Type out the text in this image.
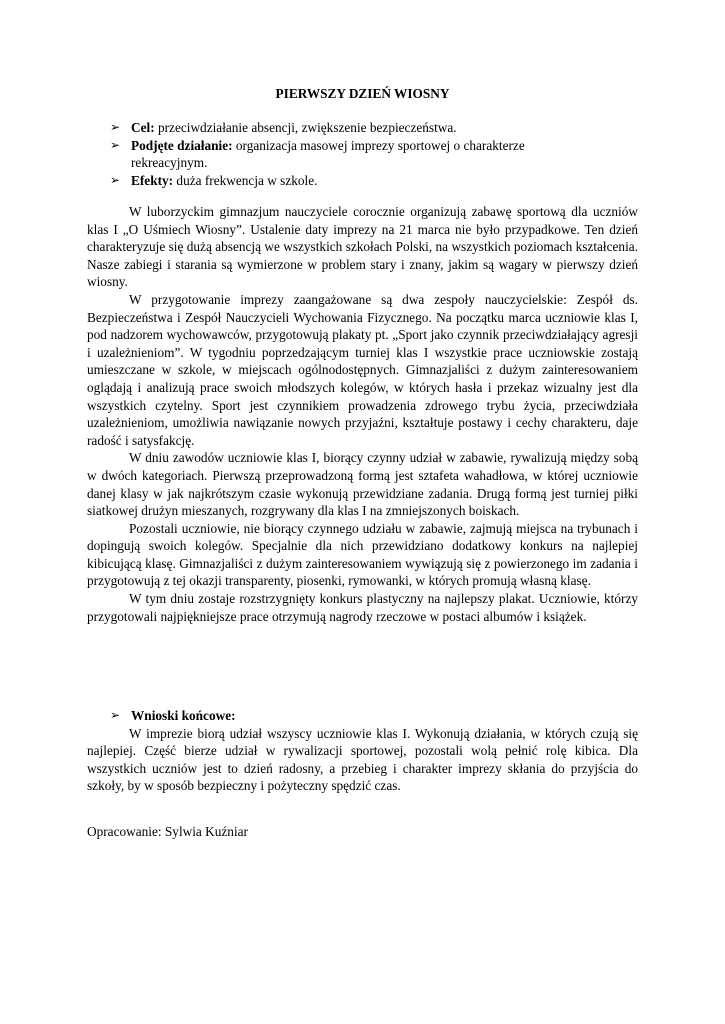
PIERWSZY DZIEŃ WIOSNY
➢ Cel: przeciwdziałanie absencji, zwiększenie bezpieczeństwa.
➢ Podjęte działanie: organizacja masowej imprezy sportowej o charakterze rekreacyjnym.
➢ Efekty: duża frekwencja w szkole.

W luborzyckim gimnazjum nauczyciele corocznie organizują zabawę sportową dla uczniów klas I „O Uśmiech Wiosny”. Ustalenie daty imprezy na 21 marca nie było przypadkowe. Ten dzień charakteryzuje się dużą absencją we wszystkich szkołach Polski, na wszystkich poziomach kształcenia. Nasze zabiegi i starania są wymierzone w problem stary i znany, jakim są wagary w pierwszy dzień wiosny.

W przygotowanie imprezy zaangażowane są dwa zespoły nauczycielskie: Zespół ds. Bezpieczeństwa i Zespół Nauczycieli Wychowania Fizycznego. Na początku marca uczniowie klas I, pod nadzorem wychowawców, przygotowują plakaty pt. „Sport jako czynnik przeciwdziałający agresji i uzależnieniom”. W tygodniu poprzedzającym turniej klas I wszystkie prace uczniowskie zostają umieszczane w szkole, w miejscach ogólnodostępnych. Gimnazjaliści z dużym zainteresowaniem oglądają i analizują prace swoich młodszych kolegów, w których hasła i przekaz wizualny jest dla wszystkich czytelny. Sport jest czynnikiem prowadzenia zdrowego trybu życia, przeciwdziała uzależnieniom, umożliwia nawiązanie nowych przyjaźni, kształtuje postawy i cechy charakteru, daje radość i satysfakcję.

W dniu zawodów uczniowie klas I, biorący czynny udział w zabawie, rywalizują między sobą w dwóch kategoriach. Pierwszą przeprowadzoną formą jest sztafeta wahadłowa, w której uczniowie danej klasy w jak najkrótszym czasie wykonują przewidziane zadania. Drugą formą jest turniej piłki siatkowej drużyn mieszanych, rozgrywany dla klas I na zmniejszonych boiskach.

Pozostali uczniowie, nie biorący czynnego udziału w zabawie, zajmują miejsca na trybunach i dopingują swoich kolegów. Specjalnie dla nich przewidziano dodatkowy konkurs na najlepiej kibicującą klasę. Gimnazjaliści z dużym zainteresowaniem wywiązują się z powierzonego im zadania i przygotowują z tej okazji transparenty, piosenki, rymowanki, w których promują własną klasę.

W tym dniu zostaje rozstrzygnięty konkurs plastyczny na najlepszy plakat. Uczniowie, którzy przygotowali najpiękniejsze prace otrzymują nagrody rzeczowe w postaci albumów i książek.

➢ Wnioski końcowe:

W imprezie biorą udział wszyscy uczniowie klas I. Wykonują działania, w których czują się najlepiej. Część bierze udział w rywalizacji sportowej, pozostali wolą pełnić rolę kibica. Dla wszystkich uczniów jest to dzień radosny, a przebieg i charakter imprezy skłania do przyjścia do szkoły, by w sposób bezpieczny i pożyteczny spędzić czas.

Opracowanie: Sylwia Kuźniar
